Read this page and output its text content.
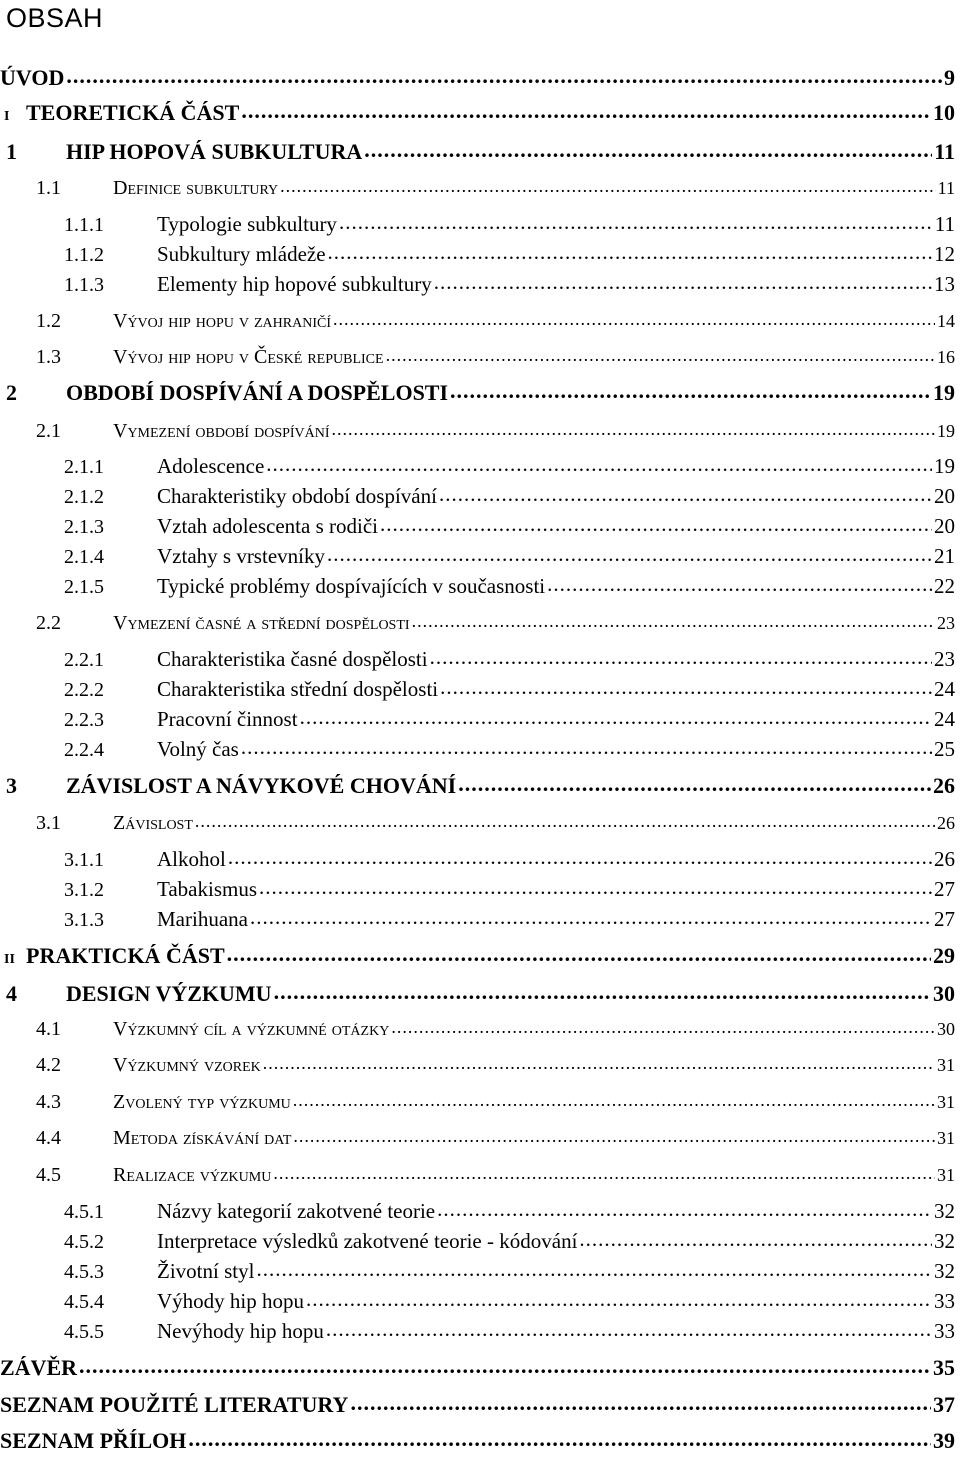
OBSAH
ÚVOD .....	9
I TEORETICKÁ ČÁST .....	10
1	HIP HOPOVÁ SUBKULTURA .....	11
1.1	Definice subkultury .....	11
1.1.1	Typologie subkultury .....	11
1.1.2	Subkultury mládeže .....	12
1.1.3	Elementy hip hopové subkultury .....	13
1.2	Vývoj hip hopu v zahraničí .....	14
1.3	Vývoj hip hopu v České republice .....	16
2	OBDOBÍ DOSPÍVÁNÍ A DOSPĚLOSTI .....	19
2.1	Vymezení období dospívání .....	19
2.1.1	Adolescence .....	19
2.1.2	Charakteristiky období dospívání .....	20
2.1.3	Vztah adolescenta s rodiči .....	20
2.1.4	Vztahy s vrstevníky .....	21
2.1.5	Typické problémy dospívajících v současnosti .....	22
2.2	Vymezení časné a střední dospělosti .....	23
2.2.1	Charakteristika časné dospělosti .....	23
2.2.2	Charakteristika střední dospělosti .....	24
2.2.3	Pracovní činnost .....	24
2.2.4	Volný čas .....	25
3	ZÁVISLOST A NÁVYKOVÉ CHOVÁNÍ .....	26
3.1	Závislost .....	26
3.1.1	Alkohol .....	26
3.1.2	Tabakismus .....	27
3.1.3	Marihuana .....	27
II PRAKTICKÁ ČÁST .....	29
4	DESIGN VÝZKUMU .....	30
4.1	Výzkumný cíl a výzkumné otázky .....	30
4.2	Výzkumný vzorek .....	31
4.3	Zvolený typ výzkumu .....	31
4.4	Metoda získávání dat .....	31
4.5	Realizace výzkumu .....	31
4.5.1	Názvy kategorií zakotvené teorie .....	32
4.5.2	Interpretace výsledků zakotvené teorie - kódování .....	32
4.5.3	Životní styl .....	32
4.5.4	Výhody hip hopu .....	33
4.5.5	Nevýhody hip hopu .....	33
ZÁVĚR .....	35
SEZNAM POUŽITÉ LITERATURY .....	37
SEZNAM PŘÍLOH .....	39
